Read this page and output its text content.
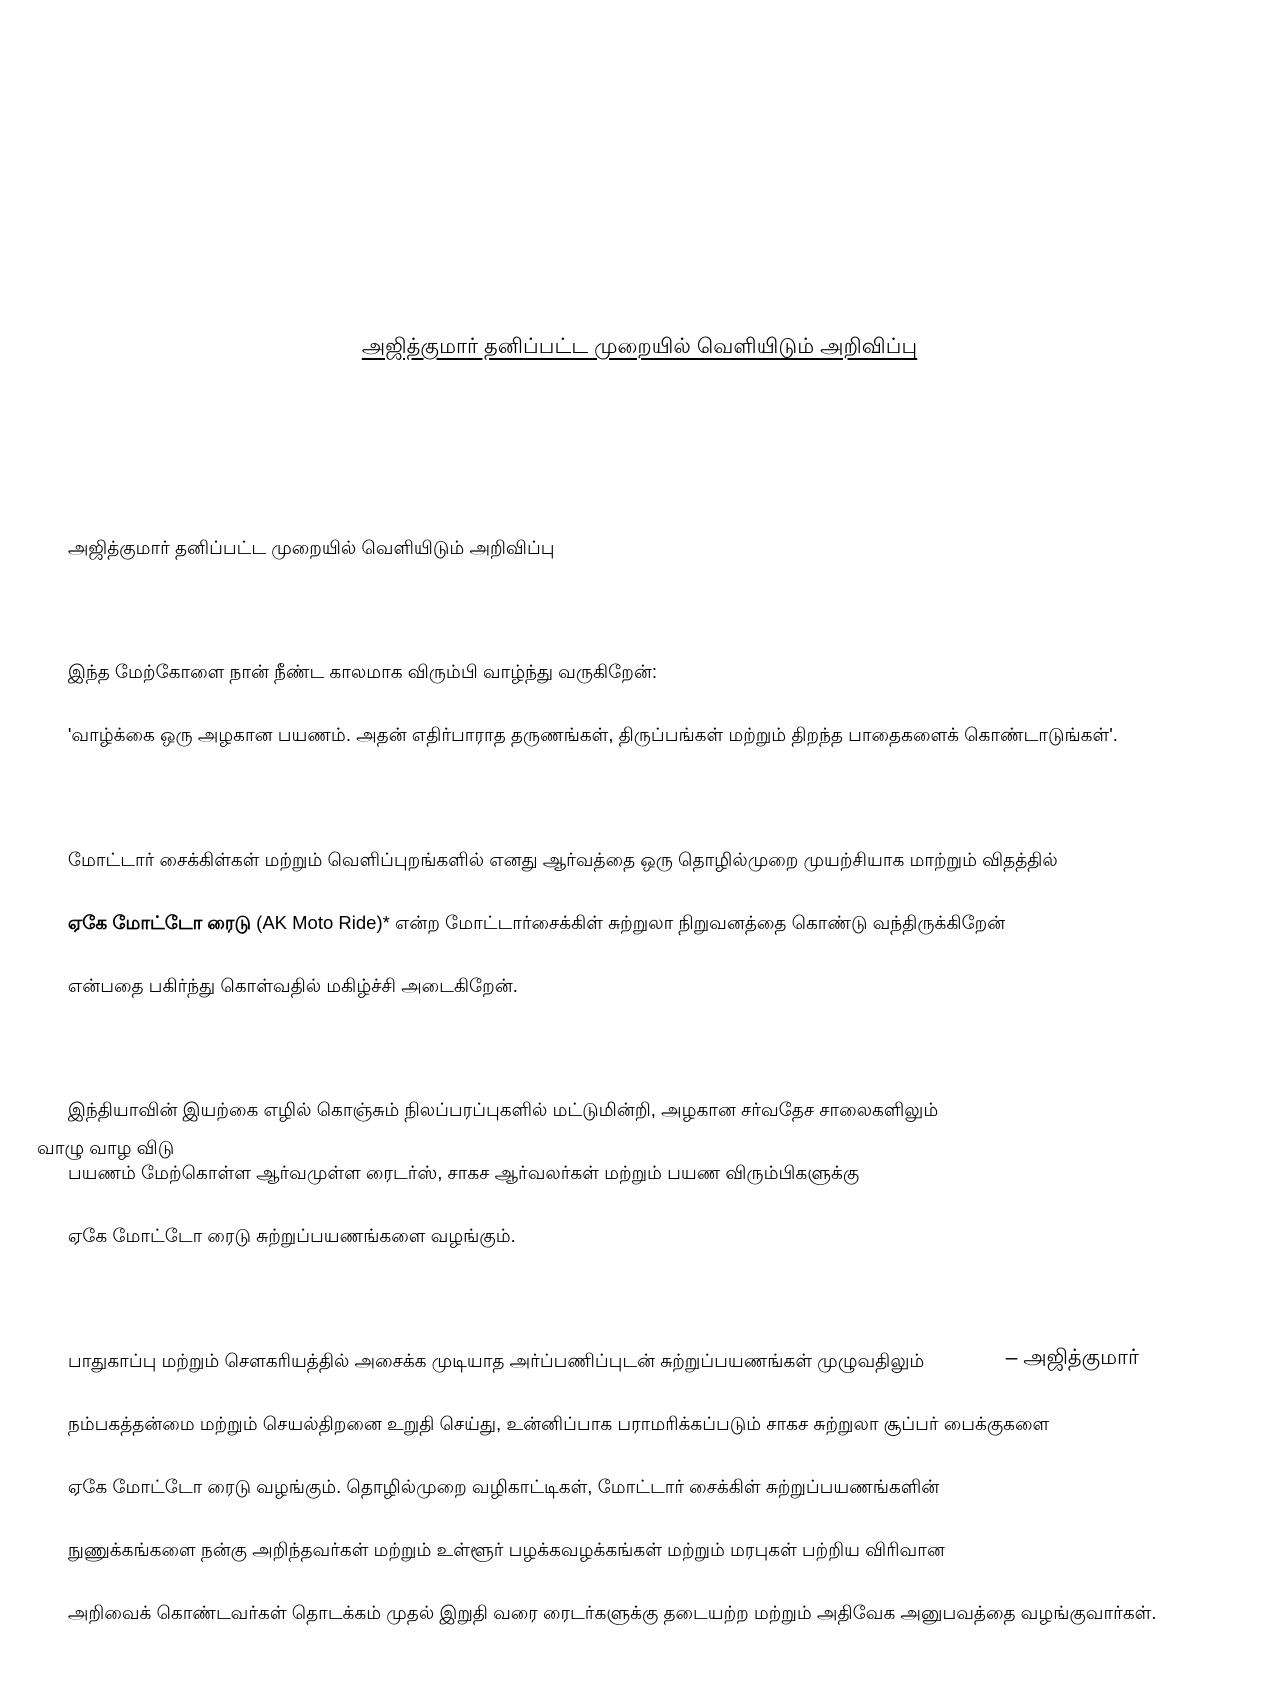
அஜித்குமார் தனிப்பட்ட முறையில் வெளியிடும் அறிவிப்பு

அஜித்குமார் தனிப்பட்ட முறையில் வெளியிடும் அறிவிப்பு

இந்த மேற்கோளை நான் நீண்ட காலமாக விரும்பி வாழ்ந்து வருகிறேன்:

'வாழ்க்கை ஒரு அழகான பயணம். அதன் எதிர்பாராத தருணங்கள், திருப்பங்கள் மற்றும் திறந்த பாதைகளைக் கொண்டாடுங்கள்'.

மோட்டார் சைக்கிள்கள் மற்றும் வெளிப்புறங்களில் எனது ஆர்வத்தை ஒரு தொழில்முறை முயற்சியாக மாற்றும் விதத்தில்

ஏகே மோட்டோ ரைடு (AK Moto Ride)* என்ற மோட்டார்சைக்கிள் சுற்றுலா நிறுவனத்தை கொண்டு வந்திருக்கிறேன்

என்பதை பகிர்ந்து கொள்வதில் மகிழ்ச்சி அடைகிறேன்.

இந்தியாவின் இயற்கை எழில் கொஞ்சும் நிலப்பரப்புகளில் மட்டுமின்றி, அழகான சர்வதேச சாலைகளிலும்

பயணம் மேற்கொள்ள ஆர்வமுள்ள ரைடர்ஸ், சாகச ஆர்வலர்கள் மற்றும் பயண விரும்பிகளுக்கு

ஏகே மோட்டோ ரைடு சுற்றுப்பயணங்களை வழங்கும்.

பாதுகாப்பு மற்றும் சௌகரியத்தில் அசைக்க முடியாத அர்ப்பணிப்புடன் சுற்றுப்பயணங்கள் முழுவதிலும்

நம்பகத்தன்மை மற்றும் செயல்திறனை உறுதி செய்து, உன்னிப்பாக பராமரிக்கப்படும் சாகச சுற்றுலா சூப்பர் பைக்குகளை

ஏகே மோட்டோ ரைடு வழங்கும். தொழில்முறை வழிகாட்டிகள், மோட்டார் சைக்கிள் சுற்றுப்பயணங்களின்

நுணுக்கங்களை நன்கு அறிந்தவர்கள் மற்றும் உள்ளூர் பழக்கவழக்கங்கள் மற்றும் மரபுகள் பற்றிய விரிவான

அறிவைக் கொண்டவர்கள் தொடக்கம் முதல் இறுதி வரை ரைடர்களுக்கு தடையற்ற மற்றும் அதிவேக அனுபவத்தை வழங்குவார்கள்.

வாழு வாழ விடு
– அஜித்குமார்
